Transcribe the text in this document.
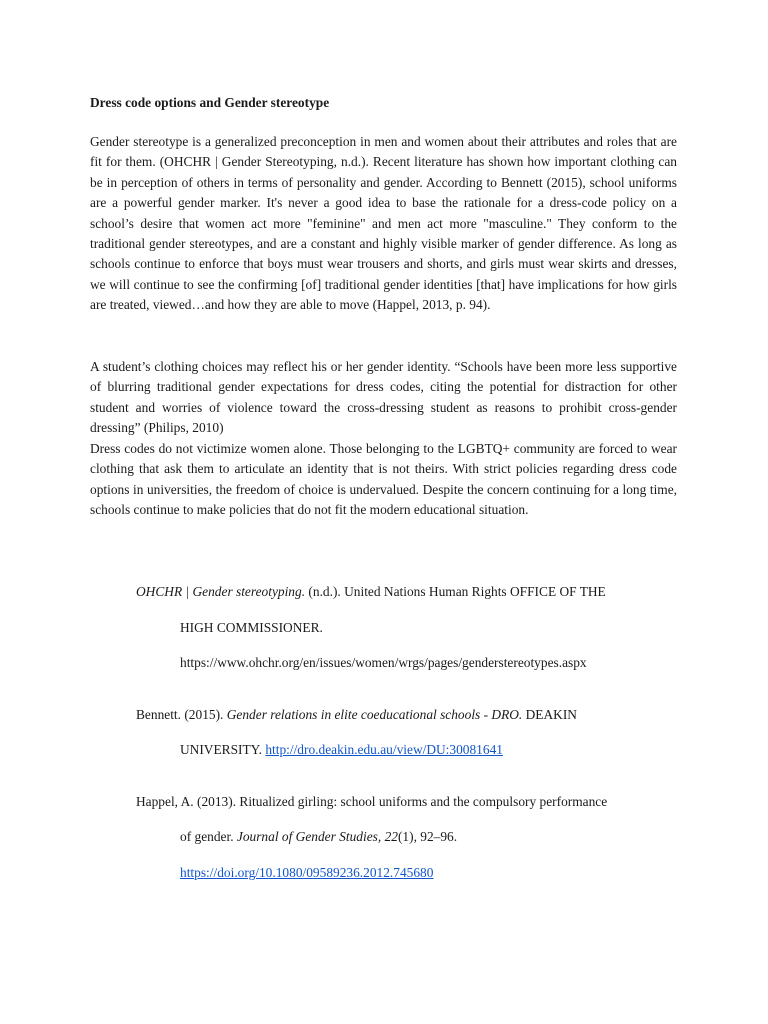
Dress code options and Gender stereotype

Gender stereotype is a generalized preconception in men and women about their attributes and roles that are fit for them. (OHCHR | Gender Stereotyping, n.d.). Recent literature has shown how important clothing can be in perception of others in terms of personality and gender. According to Bennett (2015), school uniforms are a powerful gender marker. It's never a good idea to base the rationale for a dress-code policy on a school’s desire that women act more "feminine" and men act more "masculine." They conform to the traditional gender stereotypes, and are a constant and highly visible marker of gender difference. As long as schools continue to enforce that boys must wear trousers and shorts, and girls must wear skirts and dresses, we will continue to see the confirming [of] traditional gender identities [that] have implications for how girls are treated, viewed…and how they are able to move (Happel, 2013, p. 94).

A student’s clothing choices may reflect his or her gender identity. “Schools have been more less supportive of blurring traditional gender expectations for dress codes, citing the potential for distraction for other student and worries of violence toward the cross-dressing student as reasons to prohibit cross-gender dressing” (Philips, 2010)

Dress codes do not victimize women alone. Those belonging to the LGBTQ+ community are forced to wear clothing that ask them to articulate an identity that is not theirs. With strict policies regarding dress code options in universities, the freedom of choice is undervalued. Despite the concern continuing for a long time, schools continue to make policies that do not fit the modern educational situation.

OHCHR | Gender stereotyping. (n.d.). United Nations Human Rights OFFICE OF THE
HIGH COMMISSIONER.
https://www.ohchr.org/en/issues/women/wrgs/pages/genderstereotypes.aspx
Bennett. (2015). Gender relations in elite coeducational schools - DRO. DEAKIN
UNIVERSITY. http://dro.deakin.edu.au/view/DU:30081641
Happel, A. (2013). Ritualized girling: school uniforms and the compulsory performance
of gender. Journal of Gender Studies, 22(1), 92–96.
https://doi.org/10.1080/09589236.2012.745680
